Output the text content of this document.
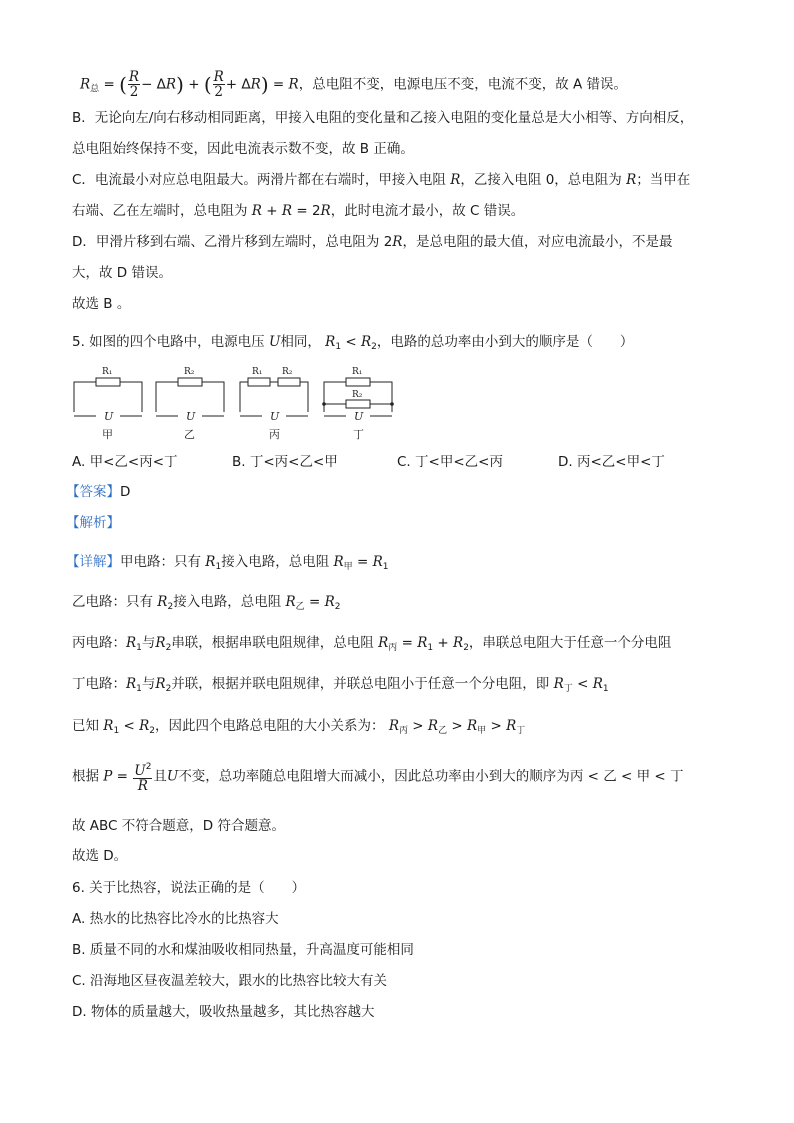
$R_总$ = ( $\frac{R}{2} - \Delta R$) + ( $\frac{R}{2} + \Delta R) = R$，总电阻不变，电源电压不变，电流不变，故 A 错误。
B．无论向左/向右移动相同距离，甲接入电阻的变化量和乙接入电阻的变化量总是大小相等、方向相反，
总电阻始终保持不变，因此电流表示数不变，故 B 正确。
C．电流最小对应总电阻最大。两滑片都在右端时，甲接入电阻 R，乙接入电阻 0，总电阻为 R；当甲在
右端、乙在左端时，总电阻为 R + R = 2R，此时电流才最小，故 C 错误。
D．甲滑片移到右端、乙滑片移到左端时，总电阻为 2R，是总电阻的最大值，对应电流最小，不是最
大，故 D 错误。
故选 B 。
5. 如图的四个电路中，电源电压 U相同， $R_1 < R_2$，电路的总功率由小到大的顺序是（　　）
R₁	R₂	R₁ R₂	R₁
R₂
U	U	U	U
甲	乙	丙	丁
A. 甲<乙<丙<丁	B. 丁<丙<乙<甲	C. 丁<甲<乙<丙	D. 丙<乙<甲<丁
【答案】D
【解析】
【详解】甲电路：只有 $R_1$接入电路，总电阻 $R_甲 = R_1$
乙电路：只有 $R_2$接入电路，总电阻 $R_乙 = R_2$
丙电路：$R_1$与$R_2$串联，根据串联电阻规律，总电阻 $R_丙 = R_1 + R_2$，串联总电阻大于任意一个分电阻
丁电路：$R_1$与$R_2$并联，根据并联电阻规律，并联总电阻小于任意一个分电阻，即 $R_丁 < R_1$
已知 $R_1 < R_2$，因此四个电路总电阻的大小关系为： $R_丙 > R_乙 > R_甲 > R_丁$
根据 $P = \frac{U^2}{R}$ 且U不变，总功率随总电阻增大而减小，因此总功率由小到大的顺序为丙 < 乙 < 甲 < 丁
故 ABC 不符合题意，D 符合题意。
故选 D。
6. 关于比热容，说法正确的是（　　）
A. 热水的比热容比冷水的比热容大
B. 质量不同的水和煤油吸收相同热量，升高温度可能相同
C. 沿海地区昼夜温差较大，跟水的比热容比较大有关
D. 物体的质量越大，吸收热量越多，其比热容越大
